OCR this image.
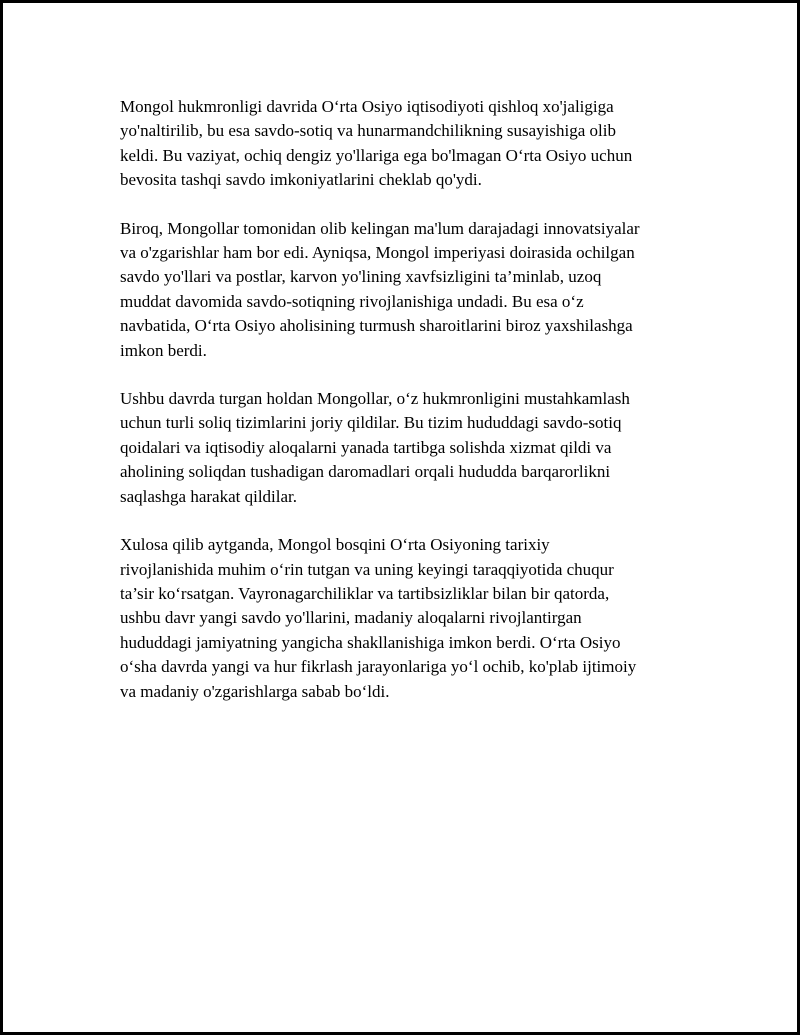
Mongol hukmronligi davrida O‘rta Osiyo iqtisodiyoti qishloq xo'jaligiga
yo'naltirilib, bu esa savdo-sotiq va hunarmandchilikning susayishiga olib
keldi. Bu vaziyat, ochiq dengiz yo'llariga ega bo'lmagan O‘rta Osiyo uchun
bevosita tashqi savdo imkoniyatlarini cheklab qo'ydi.

Biroq, Mongollar tomonidan olib kelingan ma'lum darajadagi innovatsiyalar
va o'zgarishlar ham bor edi. Ayniqsa, Mongol imperiyasi doirasida ochilgan
savdo yo'llari va postlar, karvon yo'lining xavfsizligini ta’minlab, uzoq
muddat davomida savdo-sotiqning rivojlanishiga undadi. Bu esa o‘z
navbatida, O‘rta Osiyo aholisining turmush sharoitlarini biroz yaxshilashga
imkon berdi.

Ushbu davrda turgan holdan Mongollar, o‘z hukmronligini mustahkamlash
uchun turli soliq tizimlarini joriy qildilar. Bu tizim hududdagi savdo-sotiq
qoidalari va iqtisodiy aloqalarni yanada tartibga solishda xizmat qildi va
aholining soliqdan tushadigan daromadlari orqali hududda barqarorlikni
saqlashga harakat qildilar.

Xulosa qilib aytganda, Mongol bosqini O‘rta Osiyoning tarixiy
rivojlanishida muhim o‘rin tutgan va uning keyingi taraqqiyotida chuqur
ta’sir ko‘rsatgan. Vayronagarchiliklar va tartibsizliklar bilan bir qatorda,
ushbu davr yangi savdo yo'llarini, madaniy aloqalarni rivojlantirgan
hududdagi jamiyatning yangicha shakllanishiga imkon berdi. O‘rta Osiyo
o‘sha davrda yangi va hur fikrlash jarayonlariga yo‘l ochib, ko'plab ijtimoiy
va madaniy o'zgarishlarga sabab bo‘ldi.
